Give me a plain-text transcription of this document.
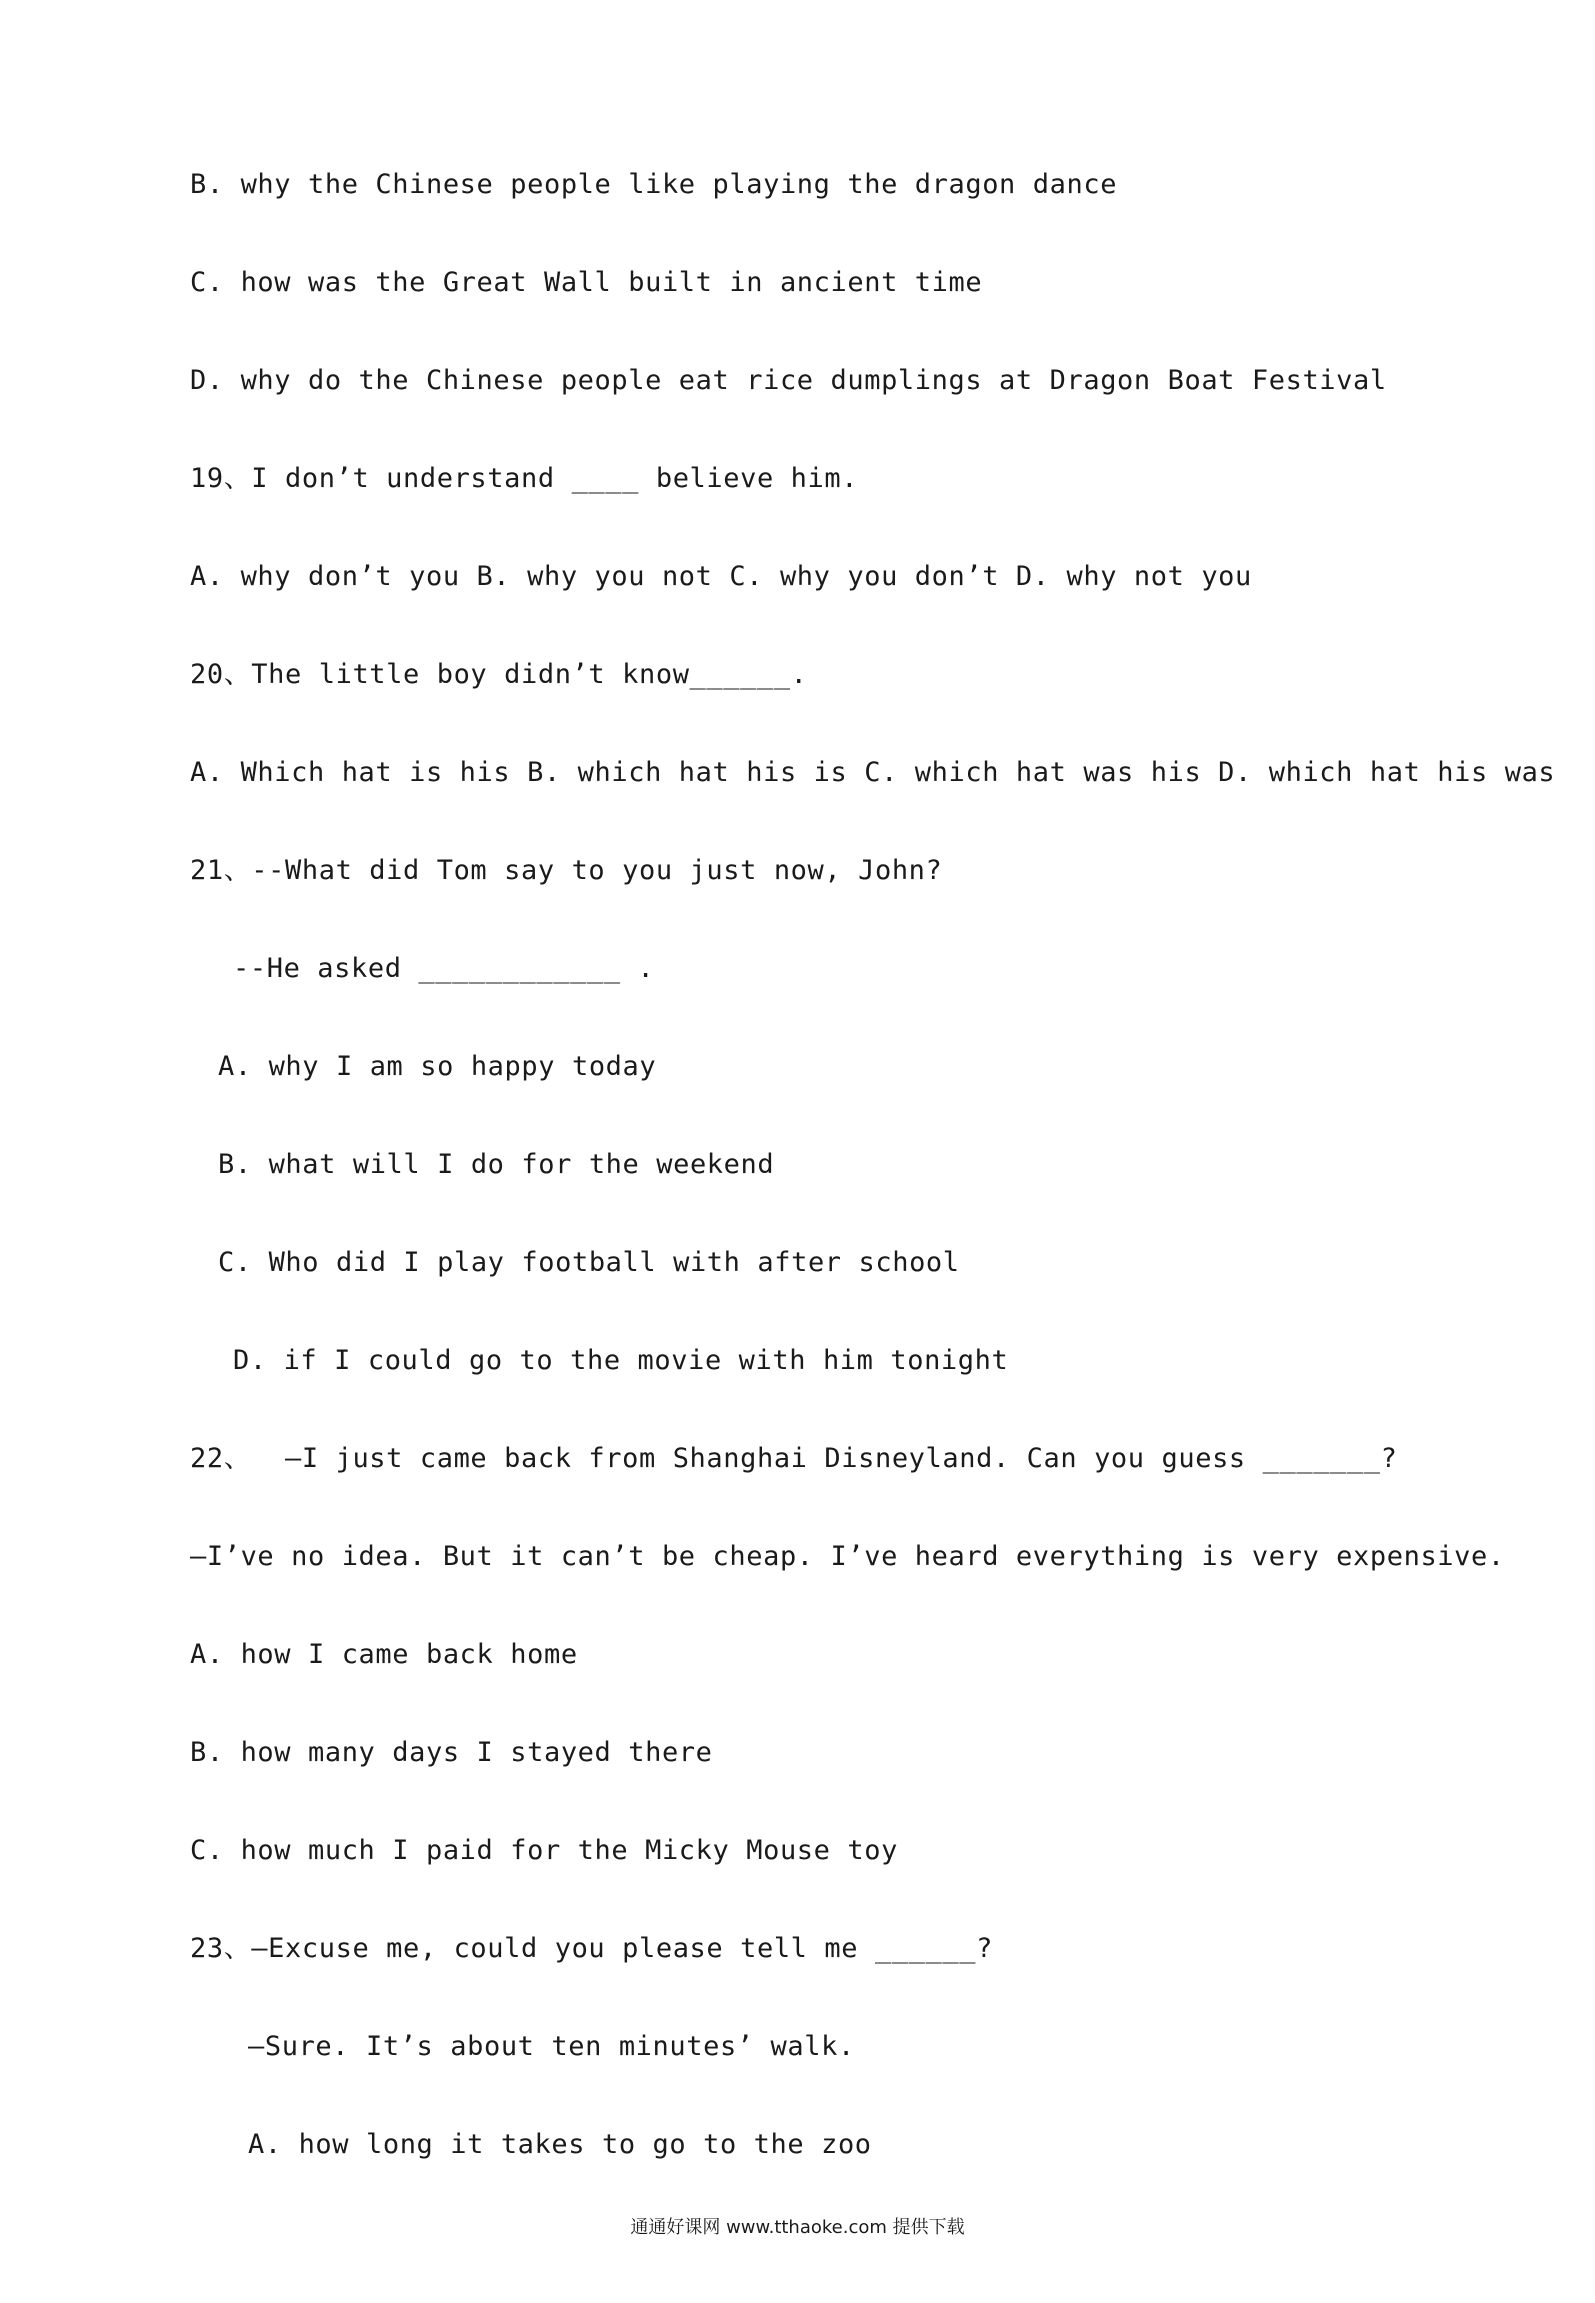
B. why the Chinese people like playing the dragon dance
C. how was the Great Wall built in ancient time
D. why do the Chinese people eat rice dumplings at Dragon Boat Festival
19、I don’t understand ____ believe him.
A. why don’t you B. why you not C. why you don’t D. why not you
20、The little boy didn’t know______.
A. Which hat is his B. which hat his is C. which hat was his D. which hat his was
21、--What did Tom say to you just now, John?
--He asked ____________ .
A. why I am so happy today
B. what will I do for the weekend
C. Who did I play football with after school
D. if I could go to the movie with him tonight
22、  —I just came back from Shanghai Disneyland. Can you guess _______?
—I’ve no idea. But it can’t be cheap. I’ve heard everything is very expensive.
A. how I came back home
B. how many days I stayed there
C. how much I paid for the Micky Mouse toy
23、—Excuse me, could you please tell me ______?
—Sure. It’s about ten minutes’ walk.
A. how long it takes to go to the zoo
通通好课网 www.tthaoke.com 提供下载
